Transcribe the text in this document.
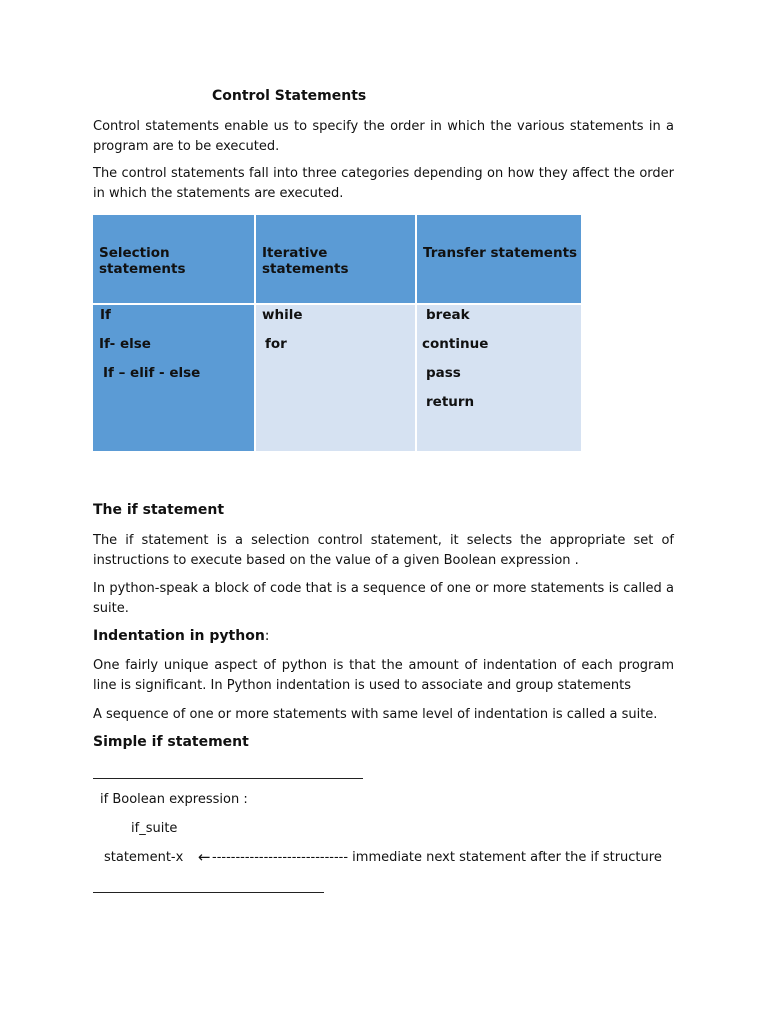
Control Statements
Control statements enable us to specify the order in which the various statements in a program are to be executed.
The control statements fall into three categories depending on how they affect the order in which the statements are executed.
Selection statements
Iterative statements
Transfer statements
If
If- else
If – elif - else
while
for
break
continue
pass
return
The if statement
The if statement is a selection control statement, it selects the appropriate set of instructions to execute based on the value of a given Boolean expression .
In python-speak a block of code that is a sequence of one or more statements is called a suite.
Indentation in python:
One fairly unique aspect of python is that the amount of indentation of each program line is significant. In Python indentation is used to associate and group statements
A sequence of one or more statements with same level of indentation is called a suite.
Simple if statement
if Boolean expression :
if_suite
statement-x ← ----------------------------- immediate next statement after the if structure
